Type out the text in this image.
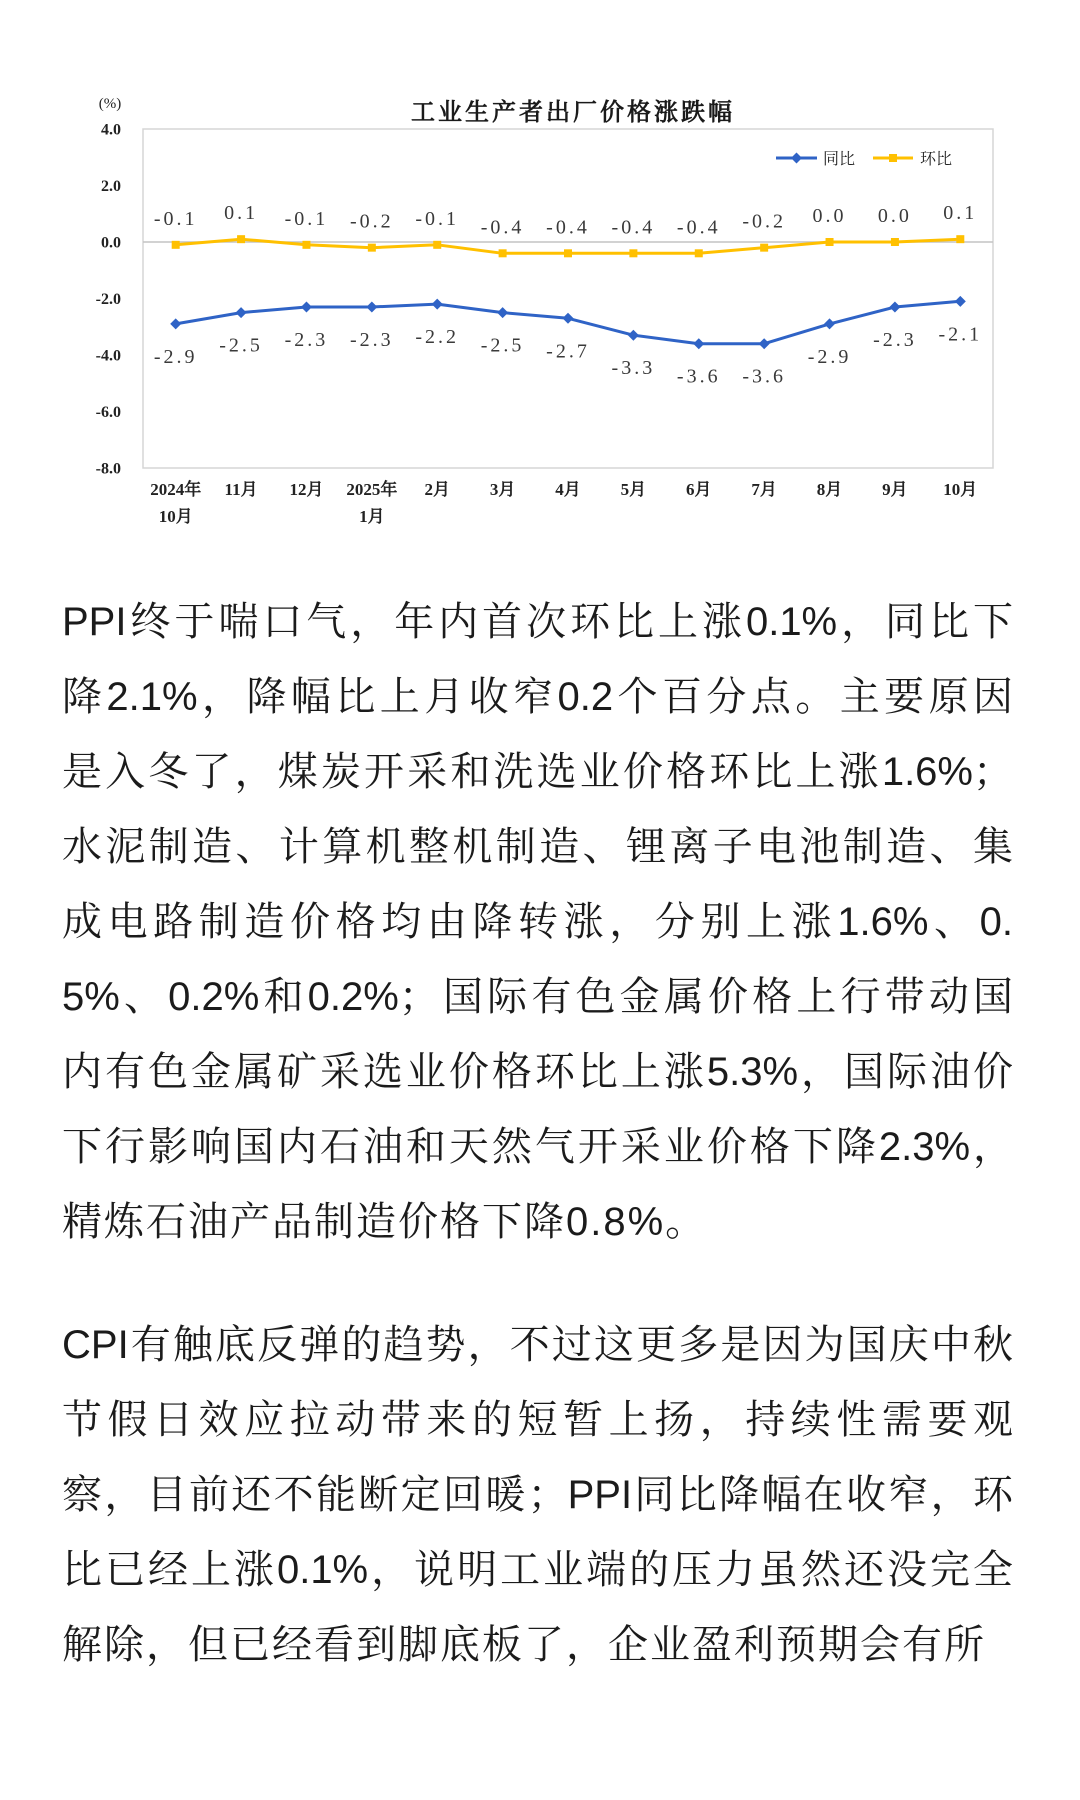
(%)	工业生产者出厂价格涨跌幅
4.0
2.0
0.0
-2.0
-4.0
-6.0
-8.0
2024年 10月
11月 12月 2025年 1月
2月 3月 4月 5月 6月 7月 8月 9月 10月
-2.9
-2.5 -2.3 -2.3 -2.2 -2.5 -2.7
-3.3 -3.6 -3.6
-2.9
-2.3 -2.1
-0.1 0.1 -0.1 -0.2 -0.1 -0.4 -0.4 -0.4 -0.4 -0.2 0.0 0.0 0.1
同比	环比
PPI终于喘口气，年内首次环比上涨0.1%，同比下
降2.1%，降幅比上月收窄0.2个百分点。主要原因
是入冬了，煤炭开采和洗选业价格环比上涨1.6%；
水泥制造、计算机整机制造、锂离子电池制造、集
成电路制造价格均由降转涨，分别上涨1.6%、0.
5%、0.2%和0.2%；国际有色金属价格上行带动国
内有色金属矿采选业价格环比上涨5.3%，国际油价
下行影响国内石油和天然气开采业价格下降2.3%，
精炼石油产品制造价格下降0.8%。
CPI有触底反弹的趋势，不过这更多是因为国庆中秋
节假日效应拉动带来的短暂上扬，持续性需要观
察，目前还不能断定回暖；PPI同比降幅在收窄，环
比已经上涨0.1%，说明工业端的压力虽然还没完全
解除，但已经看到脚底板了，企业盈利预期会有所
